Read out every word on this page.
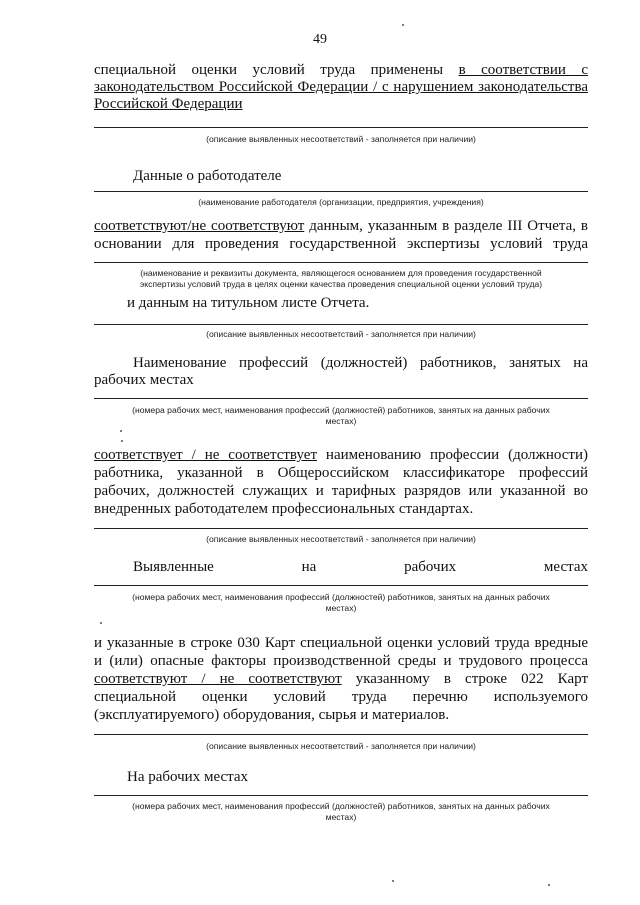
49
специальной оценки условий труда применены в соответствии с
законодательством Российской Федерации / с нарушением законодательства
Российской Федерации
(описание выявленных несоответствий - заполняется при наличии)
Данные о работодателе
(наименование работодателя (организации, предприятия, учреждения)
соответствуют/не соответствуют данным, указанным в разделе III Отчета, в
основании для проведения государственной экспертизы условий труда
(наименование и реквизиты документа, являющегося основанием для проведения государственной
экспертизы условий труда в целях оценки качества проведения специальной оценки условий труда)
и данным на титульном листе Отчета.
(описание выявленных несоответствий - заполняется при наличии)
Наименование профессий (должностей) работников, занятых на
рабочих местах
(номера рабочих мест, наименования профессий (должностей) работников, занятых на данных рабочих
местах)
соответствует / не соответствует наименованию профессии (должности)
работника, указанной в Общероссийском классификаторе профессий
рабочих, должностей служащих и тарифных разрядов или указанной во
внедренных работодателем профессиональных стандартах.
(описание выявленных несоответствий - заполняется при наличии)
Выявленные	на	рабочих	местах
(номера рабочих мест, наименования профессий (должностей) работников, занятых на данных рабочих
местах)
и указанные в строке 030 Карт специальной оценки условий труда вредные
и (или) опасные факторы производственной среды и трудового процесса
соответствуют / не соответствуют указанному в строке 022 Карт
специальной оценки условий труда перечню используемого
(эксплуатируемого) оборудования, сырья и материалов.
(описание выявленных несоответствий - заполняется при наличии)
На рабочих местах
(номера рабочих мест, наименования профессий (должностей) работников, занятых на данных рабочих
местах)
